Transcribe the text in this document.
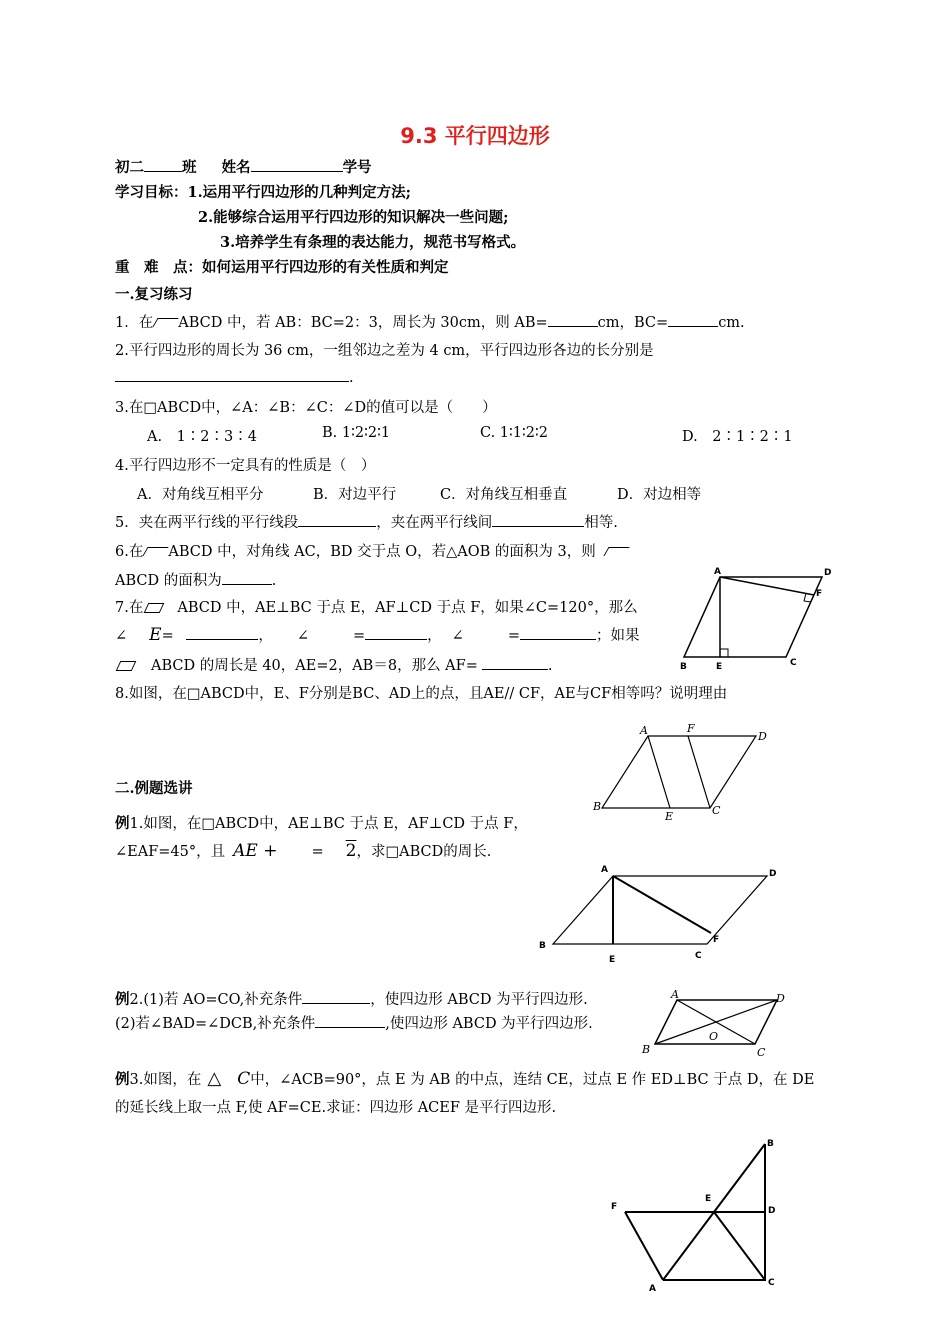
9.3 平行四边形
初二	班 姓名	学号
学习目标：1.运用平行四边形的几种判定方法;
2.能够综合运用平行四边形的知识解决一些问题;
3.培养学生有条理的表达能力，规范书写格式。
重　难　点：如何运用平行四边形的有关性质和判定
一.复习练习
1．在 ABCD 中，若 AB：BC=2：3，周长为 30cm，则 AB=	cm，BC=	cm.
2.平行四边形的周长为 36 cm，一组邻边之差为 4 cm，平行四边形各边的长分别是
.
3.在□ABCD中，∠A：∠B：∠C：∠D的值可以是（　　）
A.　1∶2∶3∶4	B. 1∶2∶2∶1	C. 1∶1∶2∶2	D.　2∶1∶2∶1
4.平行四边形不一定具有的性质是（　）
A．对角线互相平分	B．对边平行	C．对角线互相垂直	D．对边相等
5．夹在两平行线的平行线段	，夹在两平行线间	相等.
6.在 ABCD 中，对角线 AC，BD 交于点 O，若△AOB 的面积为 3，则
ABCD 的面积为	.
7.在 ABCD 中，AE⊥BC 于点 E，AF⊥CD 于点 F，如果∠C=120°，那么
∠ E=	， ∠	=	， ∠	=	；如果
ABCD 的周长是 40，AE=2，AB＝8，那么 AF=	.
8.如图，在□ABCD中，E、F分别是BC、AD上的点，且AE// CF，AE与CF相等吗？说明理由
二.例题选讲
例1.如图，在□ABCD中，AE⊥BC 于点 E，AF⊥CD 于点 F，
∠EAF=45°，且 AE + = 2，求□ABCD的周长.
例2.(1)若 AO=CO,补充条件	，使四边形 ABCD 为平行四边形.
(2)若∠BAD=∠DCB,补充条件	,使四边形 ABCD 为平行四边形.
例3.如图，在 △ C中，∠ACB=90°，点 E 为 AB 的中点，连结 CE，过点 E 作 ED⊥BC 于点 D，在 DE
的延长线上取一点 F,使 AF=CE.求证：四边形 ACEF 是平行四边形.
A	D
F
B	E	C
A	F
D
B
E	C
A	D
F
B
E	C
A	D
B	C
O
B
F
E
D
A
C
